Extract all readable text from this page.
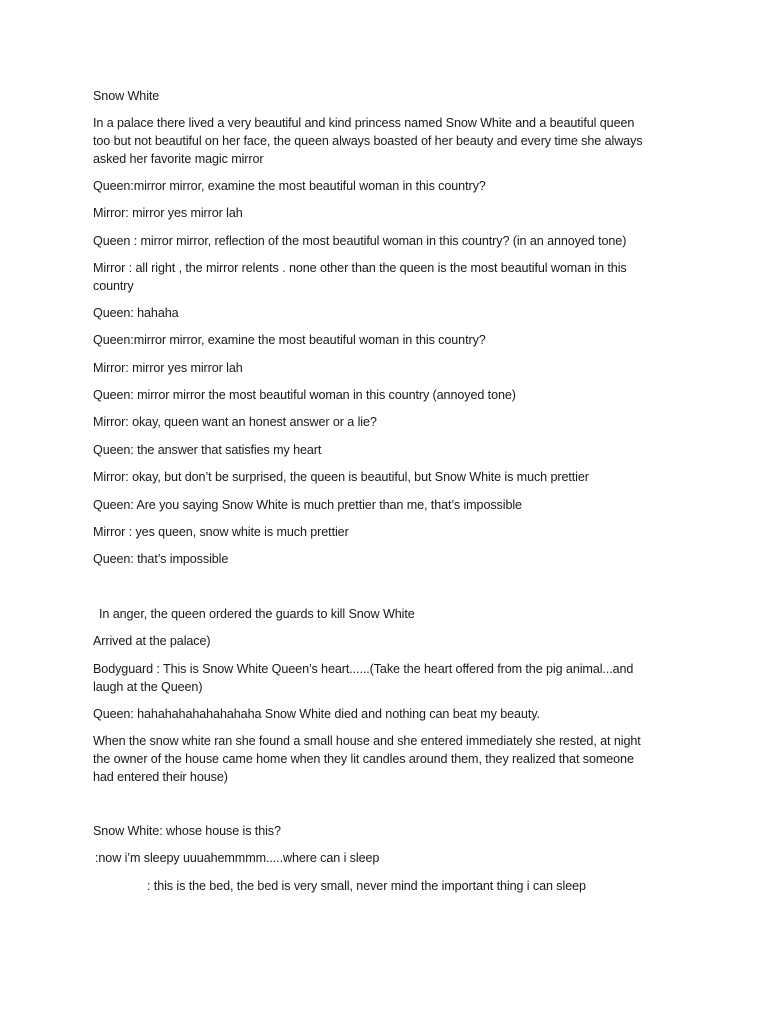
Snow White

In a palace there lived a very beautiful and kind princess named Snow White and a beautiful queen

too but not beautiful on her face, the queen always boasted of her beauty and every time she always

asked her favorite magic mirror

Queen:mirror mirror, examine the most beautiful woman in this country?

Mirror: mirror yes mirror lah

Queen : mirror mirror, reflection of the most beautiful woman in this country? (in an annoyed tone)

Mirror : all right , the mirror relents . none other than the queen is the most beautiful woman in this

country

Queen: hahaha

Queen:mirror mirror, examine the most beautiful woman in this country?

Mirror: mirror yes mirror lah

Queen: mirror mirror the most beautiful woman in this country (annoyed tone)

Mirror: okay, queen want an honest answer or a lie?

Queen: the answer that satisfies my heart

Mirror: okay, but don’t be surprised, the queen is beautiful, but Snow White is much prettier

Queen: Are you saying Snow White is much prettier than me, that’s impossible

Mirror : yes queen, snow white is much prettier

Queen: that’s impossible

In anger, the queen ordered the guards to kill Snow White

Arrived at the palace)

Bodyguard : This is Snow White Queen’s heart......(Take the heart offered from the pig animal...and

laugh at the Queen)

Queen: hahahahahahahahaha Snow White died and nothing can beat my beauty.

When the snow white ran she found a small house and she entered immediately she rested, at night

the owner of the house came home when they lit candles around them, they realized that someone

had entered their house)

Snow White: whose house is this?

:now i’m sleepy uuuahemmmm.....where can i sleep

: this is the bed, the bed is very small, never mind the important thing i can sleep
